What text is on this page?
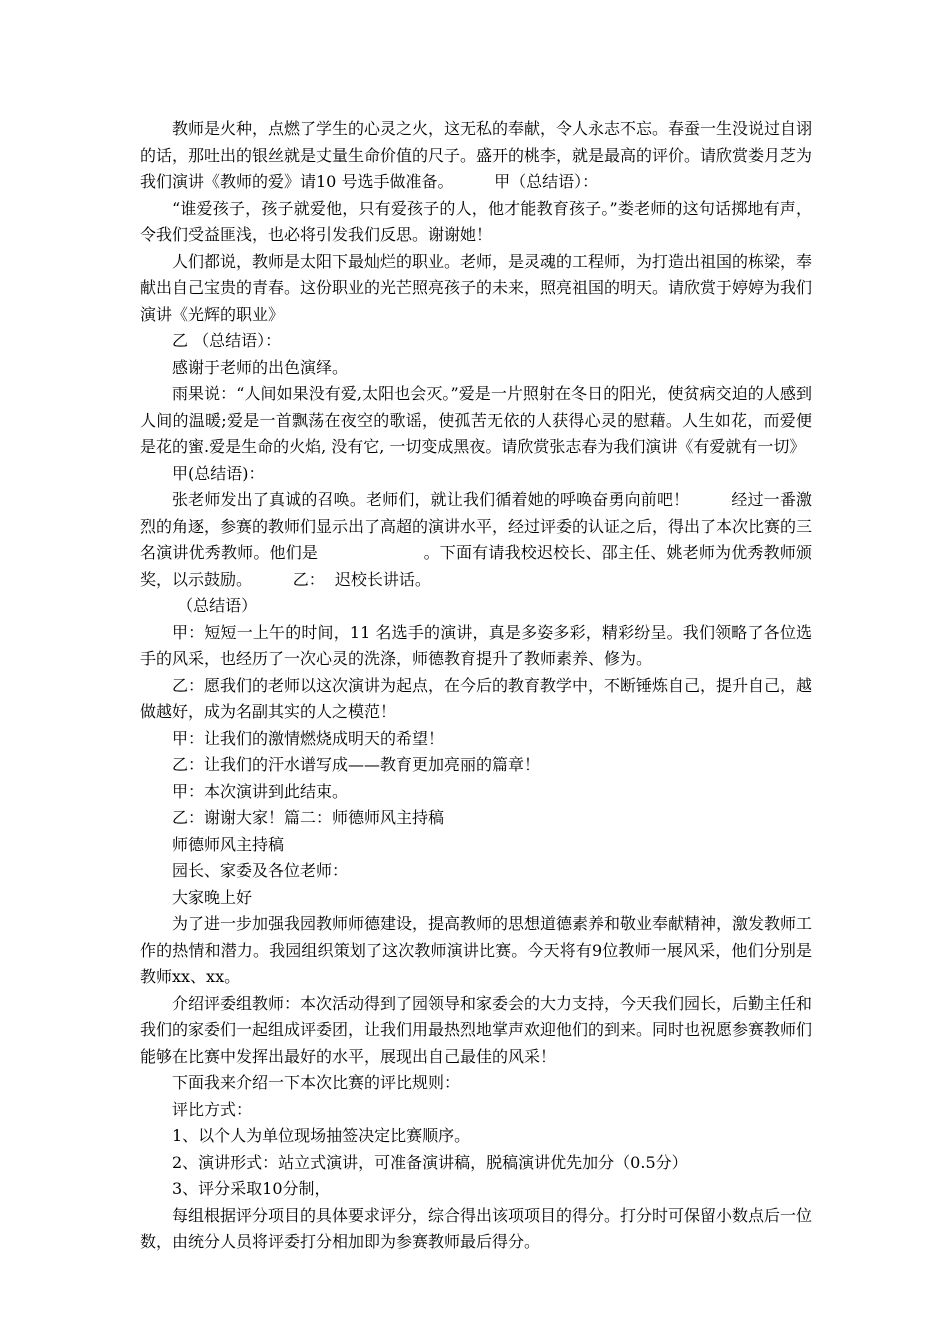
教师是火种，点燃了学生的心灵之火，这无私的奉献，令人永志不忘。春蚕一生没说过自诩的话，那吐出的银丝就是丈量生命价值的尺子。盛开的桃李，就是最高的评价。请欣赏娄月芝为我们演讲《教师的爱》请10 号选手做准备。        甲（总结语）：

“谁爱孩子，孩子就爱他，只有爱孩子的人，他才能教育孩子。”娄老师的这句话掷地有声，令我们受益匪浅，也必将引发我们反思。谢谢她！

人们都说，教师是太阳下最灿烂的职业。老师，是灵魂的工程师，为打造出祖国的栋梁，奉献出自己宝贵的青春。这份职业的光芒照亮孩子的未来，照亮祖国的明天。请欣赏于婷婷为我们演讲《光辉的职业》

乙 （总结语）：

感谢于老师的出色演绎。

雨果说：“人间如果没有爱,太阳也会灭。”爱是一片照射在冬日的阳光，使贫病交迫的人感到人间的温暖;爱是一首飘荡在夜空的歌谣，使孤苦无依的人获得心灵的慰藉。人生如花，而爱便是花的蜜.爱是生命的火焰, 没有它, 一切变成黑夜。请欣赏张志春为我们演讲《有爱就有一切》

甲(总结语)：

张老师发出了真诚的召唤。老师们，就让我们循着她的呼唤奋勇向前吧！        经过一番激烈的角逐，参赛的教师们显示出了高超的演讲水平，经过评委的认证之后，得出了本次比赛的三名演讲优秀教师。他们是                    。下面有请我校迟校长、邵主任、姚老师为优秀教师颁奖，以示鼓励。        乙：  迟校长讲话。

（总结语）

甲：短短一上午的时间，11 名选手的演讲，真是多姿多彩，精彩纷呈。我们领略了各位选手的风采，也经历了一次心灵的洗涤，师德教育提升了教师素养、修为。

乙：愿我们的老师以这次演讲为起点，在今后的教育教学中，不断锤炼自己，提升自己，越做越好，成为名副其实的人之模范！

甲：让我们的激情燃烧成明天的希望！

乙：让我们的汗水谱写成——教育更加亮丽的篇章！

甲：本次演讲到此结束。

乙：谢谢大家！篇二：师德师风主持稿

师德师风主持稿

园长、家委及各位老师：

大家晚上好

为了进一步加强我园教师师德建设，提高教师的思想道德素养和敬业奉献精神，激发教师工作的热情和潜力。我园组织策划了这次教师演讲比赛。今天将有9位教师一展风采，他们分别是教师xx、xx。

介绍评委组教师：本次活动得到了园领导和家委会的大力支持，今天我们园长，后勤主任和我们的家委们一起组成评委团，让我们用最热烈地掌声欢迎他们的到来。同时也祝愿参赛教师们能够在比赛中发挥出最好的水平，展现出自己最佳的风采！

下面我来介绍一下本次比赛的评比规则：

评比方式：

1、以个人为单位现场抽签决定比赛顺序。

2、演讲形式：站立式演讲，可准备演讲稿，脱稿演讲优先加分（0.5分）

3、评分采取10分制，

每组根据评分项目的具体要求评分，综合得出该项项目的得分。打分时可保留小数点后一位数，由统分人员将评委打分相加即为参赛教师最后得分。
